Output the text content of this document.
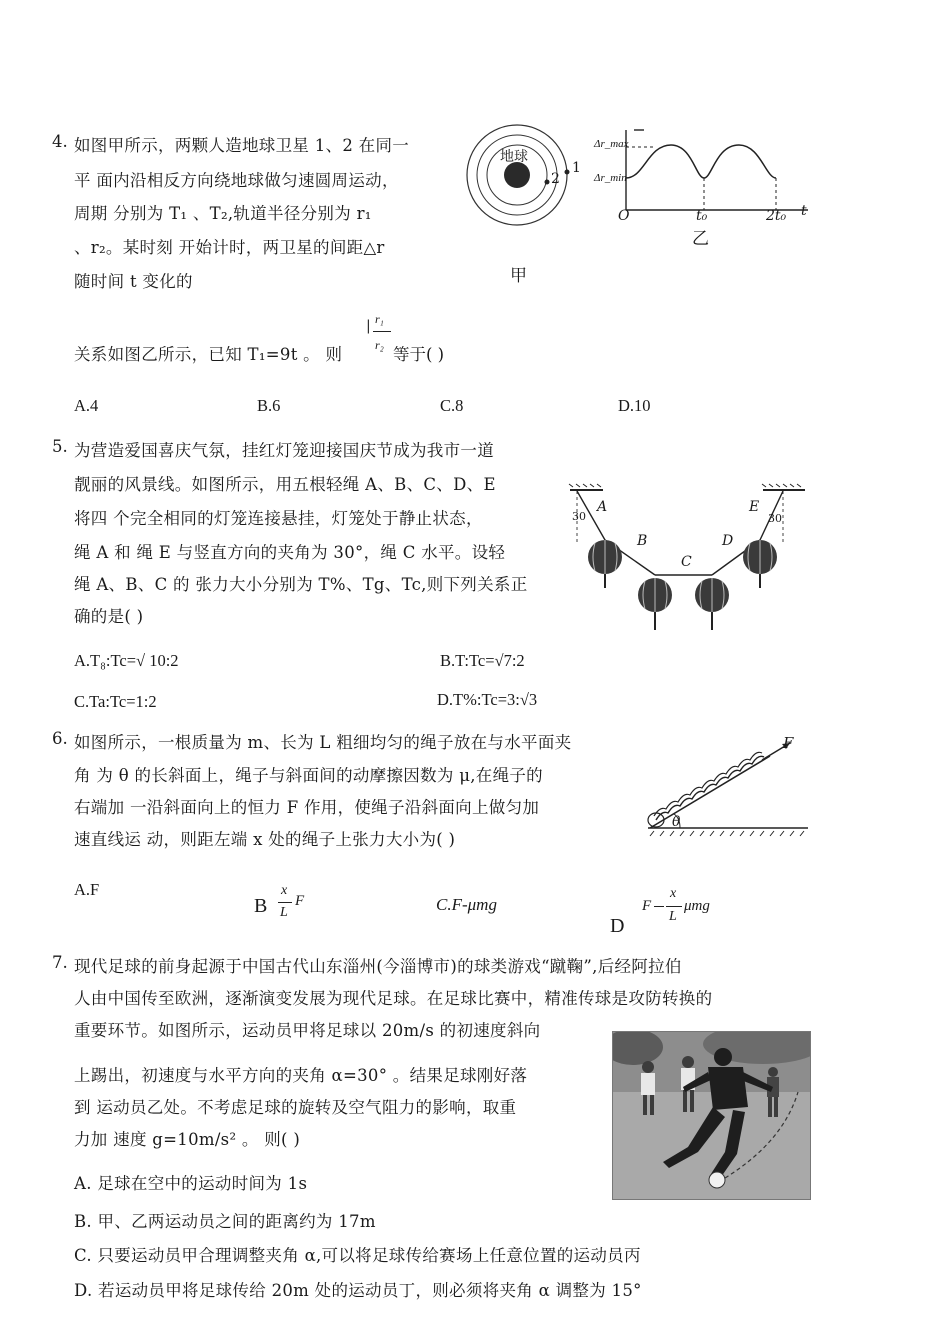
4. 如图甲所示，两颗人造地球卫星 1、2 在同一
平 面内沿相反方向绕地球做匀速圆周运动，
周期 分别为 T₁ 、T₂,轨道半径分别为 r₁
、r₂。某时刻 开始计时，两卫星的间距△r
随时间 t 变化的
关系如图乙所示，已知 T₁=9t 。 则
| r₁
r₂ 等于( )
A.4	B.6	C.8	D.10
地球
1
2
甲
Δr_max
Δr_min
O	t₀	2t₀ t
乙
5. 为营造爱国喜庆气氛，挂红灯笼迎接国庆节成为我市一道
靓丽的风景线。如图所示，用五根轻绳 A、B、C、D、E
将四 个完全相同的灯笼连接悬挂，灯笼处于静止状态，
绳 A 和 绳 E 与竖直方向的夹角为 30°，绳 C 水平。设轻
绳 A、B、C 的 张力大小分别为 T%、Tg、Tc,则下列关系正
确的是( )
A
B
C
D
E
30	30
A.T₈:Tc=√ 10:2	B.T:Tc=√7:2
C.Ta:Tc=1:2	D.T%:Tc=3:√3
6. 如图所示，一根质量为 m、长为 L 粗细均匀的绳子放在与水平面夹
角 为 θ 的长斜面上，绳子与斜面间的动摩擦因数为 μ,在绳子的
右端加 一沿斜面向上的恒力 F 作用，使绳子沿斜面向上做匀加
速直线运 动，则距左端 x 处的绳子上张力大小为( )
F
θ
A.F
B
x
L
F	C.F-μmg
D
F
x
L
μmg
7. 现代足球的前身起源于中国古代山东淄州(今淄博市)的球类游戏“蹴鞠”,后经阿拉伯
人由中国传至欧洲，逐渐演变发展为现代足球。在足球比赛中，精准传球是攻防转换的
重要环节。如图所示，运动员甲将足球以 20m/s 的初速度斜向
上踢出，初速度与水平方向的夹角 α=30° 。结果足球刚好落
到 运动员乙处。不考虑足球的旋转及空气阻力的影响，取重
力加 速度 g=10m/s² 。 则( )
A. 足球在空中的运动时间为 1s
B. 甲、乙两运动员之间的距离约为 17m
C. 只要运动员甲合理调整夹角 α,可以将足球传给赛场上任意位置的运动员丙
D. 若运动员甲将足球传给 20m 处的运动员丁，则必须将夹角 α 调整为 15°
